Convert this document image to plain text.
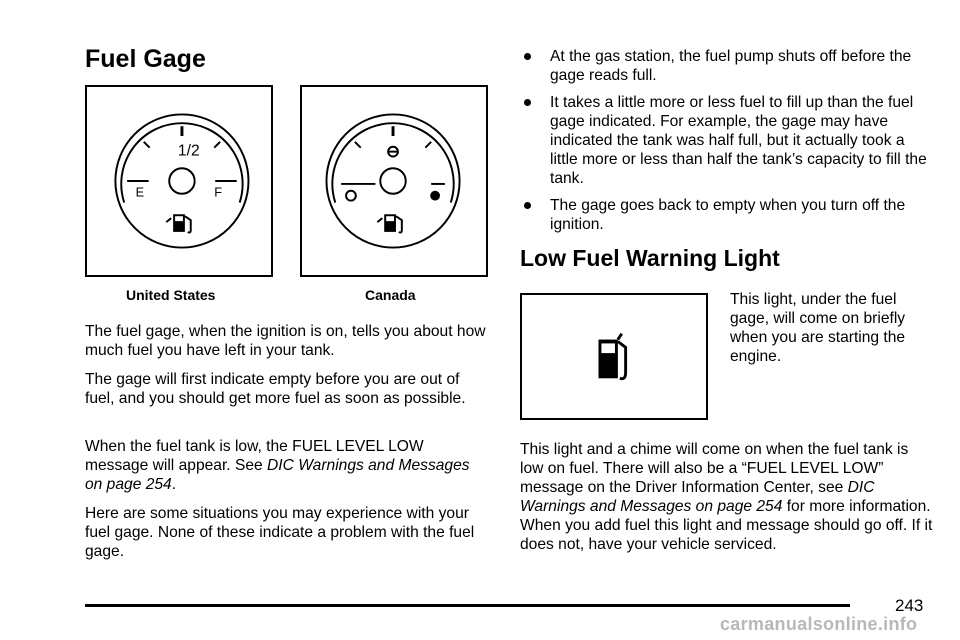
Fuel Gage
1/2
E	F
United States	Canada

The fuel gage, when the ignition is on, tells you about how much fuel you have left in your tank.

The gage will first indicate empty before you are out of fuel, and you should get more fuel as soon as possible.

When the fuel tank is low, the FUEL LEVEL LOW message will appear. See DIC Warnings and Messages on page 254.

Here are some situations you may experience with your fuel gage. None of these indicate a problem with the fuel gage.

At the gas station, the fuel pump shuts off before the gage reads full.
It takes a little more or less fuel to fill up than the fuel gage indicated. For example, the gage may have indicated the tank was half full, but it actually took a little more or less than half the tank’s capacity to fill the tank.
The gage goes back to empty when you turn off the ignition.
Low Fuel Warning Light

This light, under the fuel gage, will come on briefly when you are starting the engine.

This light and a chime will come on when the fuel tank is low on fuel. There will also be a “FUEL LEVEL LOW” message on the Driver Information Center, see DIC Warnings and Messages on page 254 for more information. When you add fuel this light and message should go off. If it does not, have your vehicle serviced.

243
carmanualsonline.info
